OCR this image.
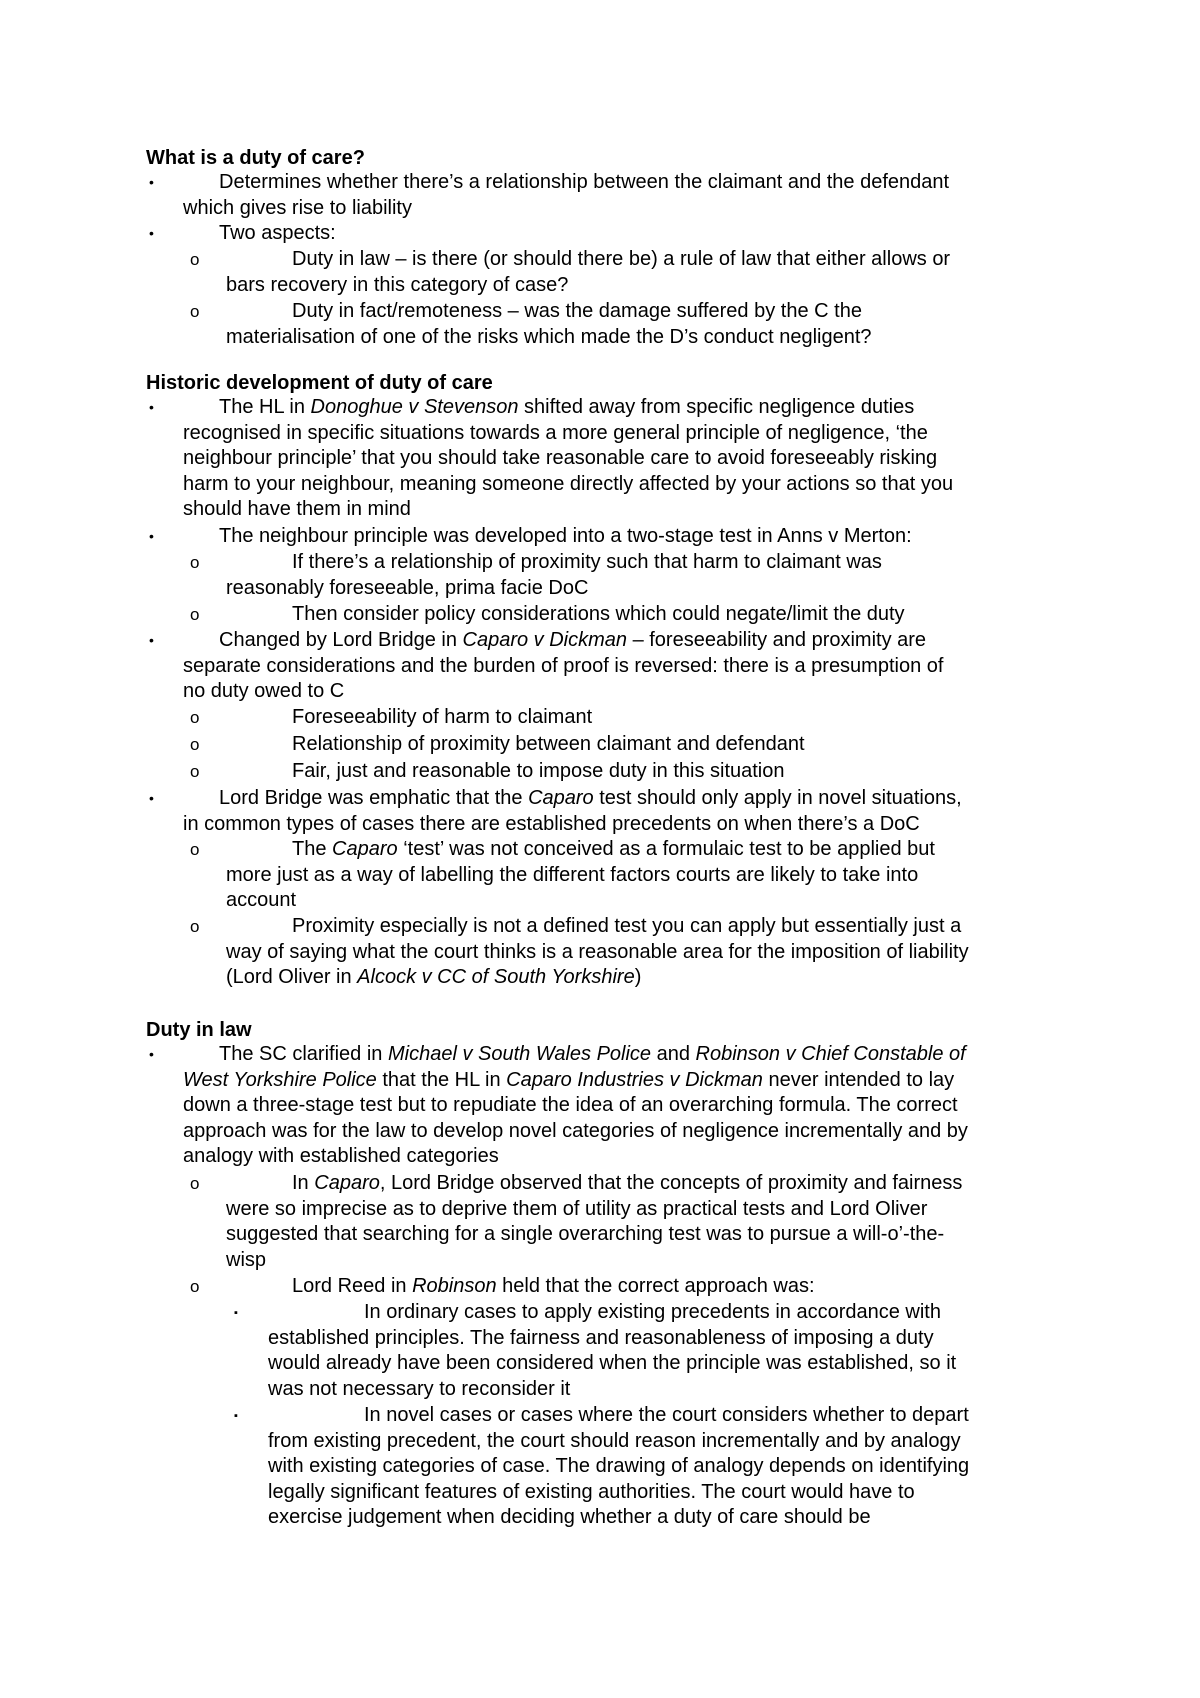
What is a duty of care?
•	Determines whether there’s a relationship between the claimant and the defendant
which gives rise to liability
•	Two aspects:
o	Duty in law – is there (or should there be) a rule of law that either allows or
bars recovery in this category of case?
o	Duty in fact/remoteness – was the damage suffered by the C the
materialisation of one of the risks which made the D’s conduct negligent?
Historic development of duty of care
•	The HL in Donoghue v Stevenson shifted away from specific negligence duties
recognised in specific situations towards a more general principle of negligence, ‘the
neighbour principle’ that you should take reasonable care to avoid foreseeably risking
harm to your neighbour, meaning someone directly affected by your actions so that you
should have them in mind
•	The neighbour principle was developed into a two-stage test in Anns v Merton:
o	If there’s a relationship of proximity such that harm to claimant was
reasonably foreseeable, prima facie DoC
o	Then consider policy considerations which could negate/limit the duty
•	Changed by Lord Bridge in Caparo v Dickman – foreseeability and proximity are
separate considerations and the burden of proof is reversed: there is a presumption of
no duty owed to C
o	Foreseeability of harm to claimant
o	Relationship of proximity between claimant and defendant
o	Fair, just and reasonable to impose duty in this situation
•	Lord Bridge was emphatic that the Caparo test should only apply in novel situations,
in common types of cases there are established precedents on when there’s a DoC
o	The Caparo ‘test’ was not conceived as a formulaic test to be applied but
more just as a way of labelling the different factors courts are likely to take into
account
o	Proximity especially is not a defined test you can apply but essentially just a
way of saying what the court thinks is a reasonable area for the imposition of liability
(Lord Oliver in Alcock v CC of South Yorkshire)
Duty in law
•	The SC clarified in Michael v South Wales Police and Robinson v Chief Constable of
West Yorkshire Police that the HL in Caparo Industries v Dickman never intended to lay
down a three-stage test but to repudiate the idea of an overarching formula. The correct
approach was for the law to develop novel categories of negligence incrementally and by
analogy with established categories
o	In Caparo, Lord Bridge observed that the concepts of proximity and fairness
were so imprecise as to deprive them of utility as practical tests and Lord Oliver
suggested that searching for a single overarching test was to pursue a will-o’-the-
wisp
o	Lord Reed in Robinson held that the correct approach was:
▪	In ordinary cases to apply existing precedents in accordance with
established principles. The fairness and reasonableness of imposing a duty
would already have been considered when the principle was established, so it
was not necessary to reconsider it
▪	In novel cases or cases where the court considers whether to depart
from existing precedent, the court should reason incrementally and by analogy
with existing categories of case. The drawing of analogy depends on identifying
legally significant features of existing authorities. The court would have to
exercise judgement when deciding whether a duty of care should be
